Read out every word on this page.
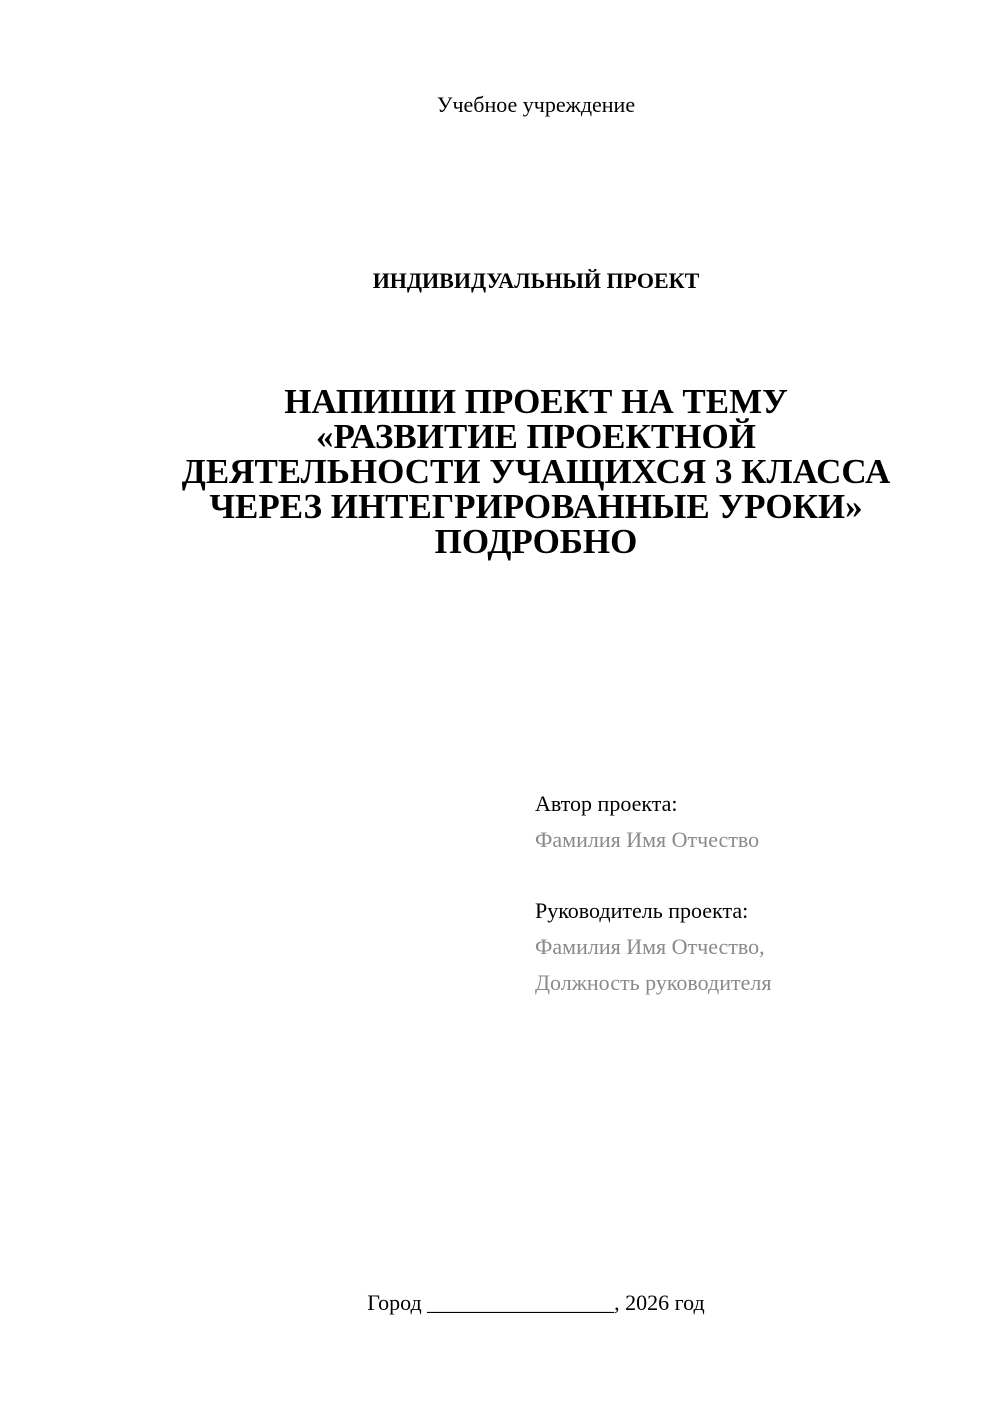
Учебное учреждение
ИНДИВИДУАЛЬНЫЙ ПРОЕКТ
НАПИШИ ПРОЕКТ НА ТЕМУ
«РАЗВИТИЕ ПРОЕКТНОЙ
ДЕЯТЕЛЬНОСТИ УЧАЩИХСЯ 3 КЛАССА
ЧЕРЕЗ ИНТЕГРИРОВАННЫЕ УРОКИ»
ПОДРОБНО
Автор проекта:
Фамилия Имя Отчество
Руководитель проекта:
Фамилия Имя Отчество,
Должность руководителя
Город _________________, 2026 год
